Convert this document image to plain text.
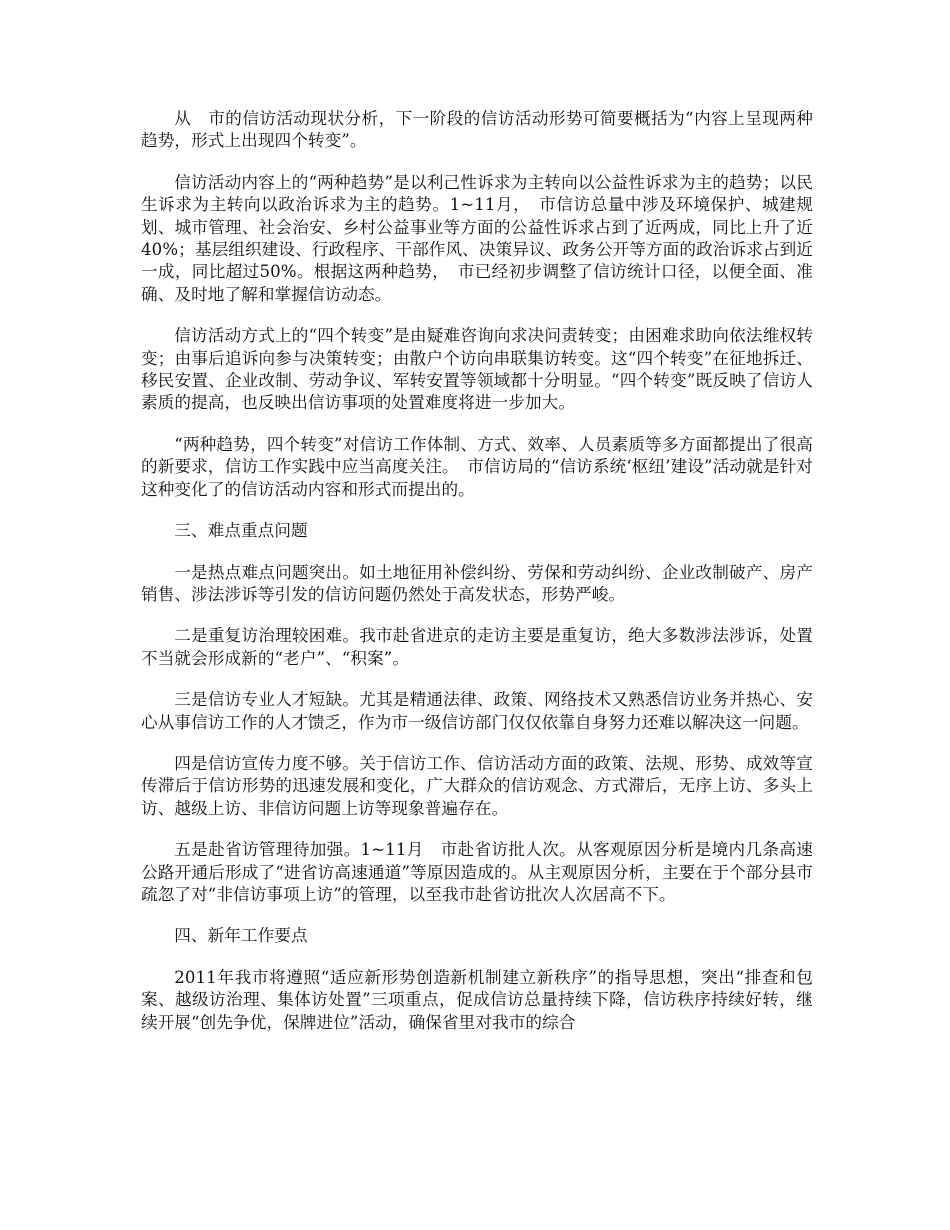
从　市的信访活动现状分析，下一阶段的信访活动形势可简要概括为“内容上呈现两种趋势，形式上出现四个转变”。

信访活动内容上的“两种趋势”是以利己性诉求为主转向以公益性诉求为主的趋势；以民生诉求为主转向以政治诉求为主的趋势。1~11月，　市信访总量中涉及环境保护、城建规划、城市管理、社会治安、乡村公益事业等方面的公益性诉求占到了近两成，同比上升了近40%；基层组织建设、行政程序、干部作风、决策异议、政务公开等方面的政治诉求占到近一成，同比超过50%。根据这两种趋势，　市已经初步调整了信访统计口径，以便全面、准确、及时地了解和掌握信访动态。

信访活动方式上的“四个转变”是由疑难咨询向求决问责转变；由困难求助向依法维权转变；由事后追诉向参与决策转变；由散户个访向串联集访转变。这“四个转变”在征地拆迁、移民安置、企业改制、劳动争议、军转安置等领域都十分明显。“四个转变”既反映了信访人素质的提高，也反映出信访事项的处置难度将进一步加大。

“两种趋势，四个转变”对信访工作体制、方式、效率、人员素质等多方面都提出了很高的新要求，信访工作实践中应当高度关注。　市信访局的“信访系统‘枢纽’建设”活动就是针对这种变化了的信访活动内容和形式而提出的。

三、难点重点问题

一是热点难点问题突出。如土地征用补偿纠纷、劳保和劳动纠纷、企业改制破产、房产销售、涉法涉诉等引发的信访问题仍然处于高发状态，形势严峻。

二是重复访治理较困难。我市赴省进京的走访主要是重复访，绝大多数涉法涉诉，处置不当就会形成新的“老户”、“积案”。

三是信访专业人才短缺。尤其是精通法律、政策、网络技术又熟悉信访业务并热心、安心从事信访工作的人才馈乏，作为市一级信访部门仅仅依靠自身努力还难以解决这一问题。

四是信访宣传力度不够。关于信访工作、信访活动方面的政策、法规、形势、成效等宣传滞后于信访形势的迅速发展和变化，广大群众的信访观念、方式滞后，无序上访、多头上访、越级上访、非信访问题上访等现象普遍存在。

五是赴省访管理待加强。1~11月　市赴省访批人次。从客观原因分析是境内几条高速公路开通后形成了“进省访高速通道”等原因造成的。从主观原因分析，主要在于个部分县市疏忽了对“非信访事项上访”的管理，以至我市赴省访批次人次居高不下。

四、新年工作要点

2011年我市将遵照“适应新形势创造新机制建立新秩序”的指导思想，突出“排查和包案、越级访治理、集体访处置”三项重点，促成信访总量持续下降，信访秩序持续好转，继续开展“创先争优，保牌进位”活动，确保省里对我市的综合
